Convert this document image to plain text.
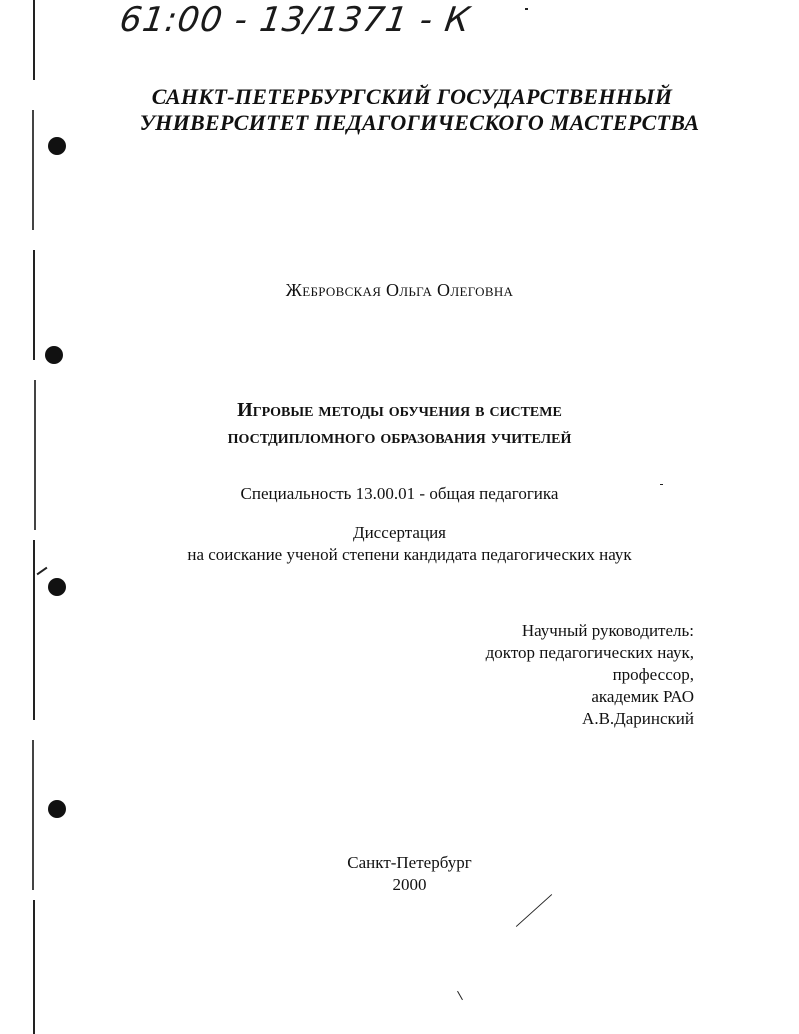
61:00 - 13/1371 - К
САНКТ-ПЕТЕРБУРГСКИЙ ГОСУДАРСТВЕННЫЙ
УНИВЕРСИТЕТ ПЕДАГОГИЧЕСКОГО МАСТЕРСТВА
Жебровская Ольга Олеговна
Игровые методы обучения в системе
постдипломного образования учителей
Специальность 13.00.01 - общая педагогика
Диссертация
на соискание ученой степени кандидата педагогических наук
Научный руководитель:
доктор педагогических наук,
профессор,
академик РАО
А.В.Даринский
Санкт-Петербург
2000
